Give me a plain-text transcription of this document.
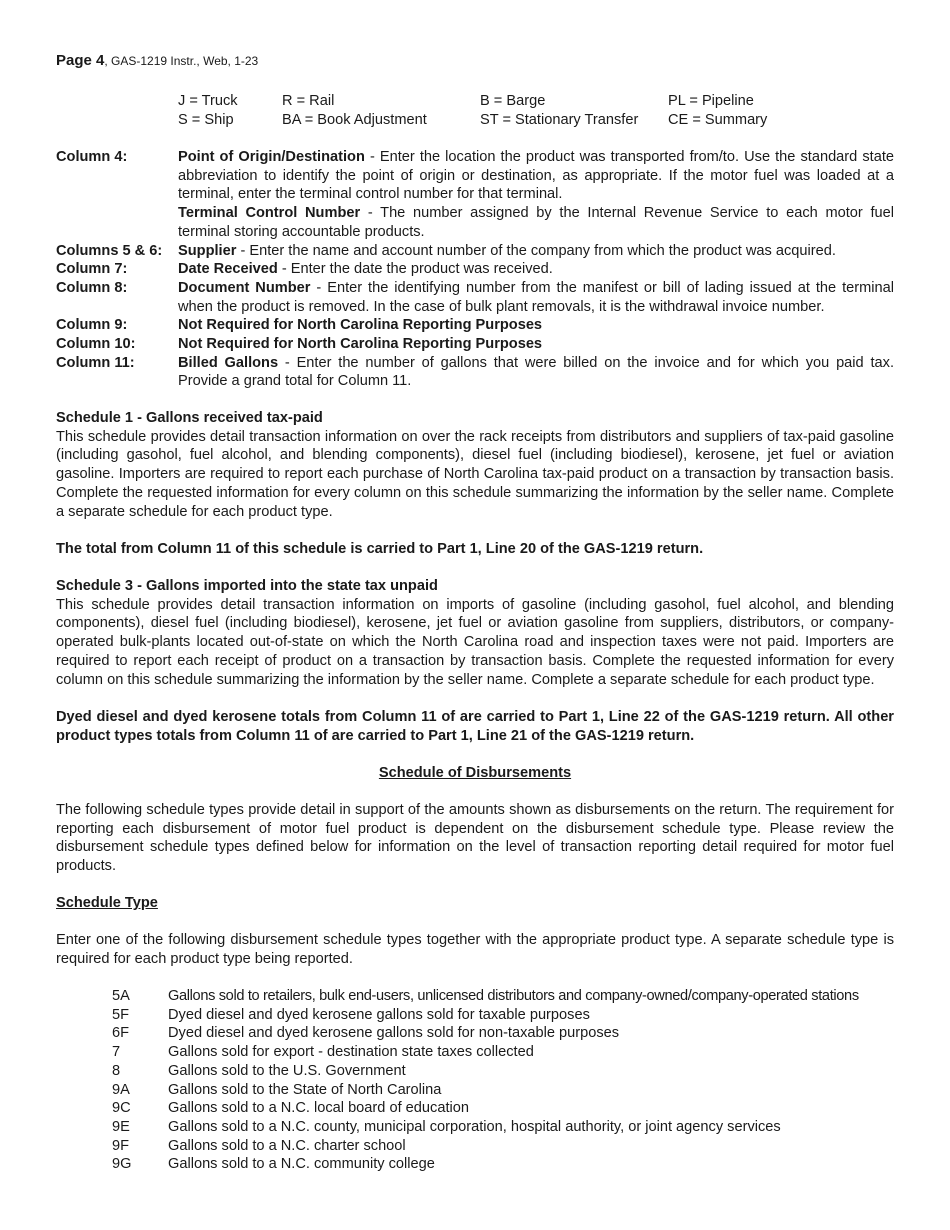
Page 4, GAS-1219 Instr., Web, 1-23
J = Truck	R = Rail	B = Barge	PL = Pipeline
S = Ship	BA = Book Adjustment	ST = Stationary Transfer	CE = Summary
Column 4:	Point of Origin/Destination - Enter the location the product was transported from/to. Use the standard state abbreviation to identify the point of origin or destination, as appropriate. If the motor fuel was loaded at a terminal, enter the terminal control number for that terminal.
Terminal Control Number - The number assigned by the Internal Revenue Service to each motor fuel terminal storing accountable products.
Columns 5 & 6:	Supplier - Enter the name and account number of the company from which the product was acquired.
Column 7:	Date Received - Enter the date the product was received.
Column 8:	Document Number - Enter the identifying number from the manifest or bill of lading issued at the terminal when the product is removed. In the case of bulk plant removals, it is the withdrawal invoice number.
Column 9:	Not Required for North Carolina Reporting Purposes
Column 10:	Not Required for North Carolina Reporting Purposes
Column 11:	Billed Gallons - Enter the number of gallons that were billed on the invoice and for which you paid tax. Provide a grand total for Column 11.
Schedule 1 - Gallons received tax-paid
This schedule provides detail transaction information on over the rack receipts from distributors and suppliers of tax-paid gasoline (including gasohol, fuel alcohol, and blending components), diesel fuel (including biodiesel), kerosene, jet fuel or aviation gasoline. Importers are required to report each purchase of North Carolina tax-paid product on a transaction by transaction basis. Complete the requested information for every column on this schedule summarizing the information by the seller name. Complete a separate schedule for each product type.
The total from Column 11 of this schedule is carried to Part 1, Line 20 of the GAS-1219 return.
Schedule 3 - Gallons imported into the state tax unpaid
This schedule provides detail transaction information on imports of gasoline (including gasohol, fuel alcohol, and blending components), diesel fuel (including biodiesel), kerosene, jet fuel or aviation gasoline from suppliers, distributors, or company-operated bulk-plants located out-of-state on which the North Carolina road and inspection taxes were not paid. Importers are required to report each receipt of product on a transaction by transaction basis. Complete the requested information for every column on this schedule summarizing the information by the seller name. Complete a separate schedule for each product type.
Dyed diesel and dyed kerosene totals from Column 11 of are carried to Part 1, Line 22 of the GAS-1219 return. All other product types totals from Column 11 of are carried to Part 1, Line 21 of the GAS-1219 return.
Schedule of Disbursements
The following schedule types provide detail in support of the amounts shown as disbursements on the return. The requirement for reporting each disbursement of motor fuel product is dependent on the disbursement schedule type. Please review the disbursement schedule types defined below for information on the level of transaction reporting detail required for motor fuel products.
Schedule Type
Enter one of the following disbursement schedule types together with the appropriate product type. A separate schedule type is required for each product type being reported.
5A	Gallons sold to retailers, bulk end-users, unlicensed distributors and company-owned/company-operated stations
5F	Dyed diesel and dyed kerosene gallons sold for taxable purposes
6F	Dyed diesel and dyed kerosene gallons sold for non-taxable purposes
7	Gallons sold for export - destination state taxes collected
8	Gallons sold to the U.S. Government
9A	Gallons sold to the State of North Carolina
9C	Gallons sold to a N.C. local board of education
9E	Gallons sold to a N.C. county, municipal corporation, hospital authority, or joint agency services
9F	Gallons sold to a N.C. charter school
9G	Gallons sold to a N.C. community college
